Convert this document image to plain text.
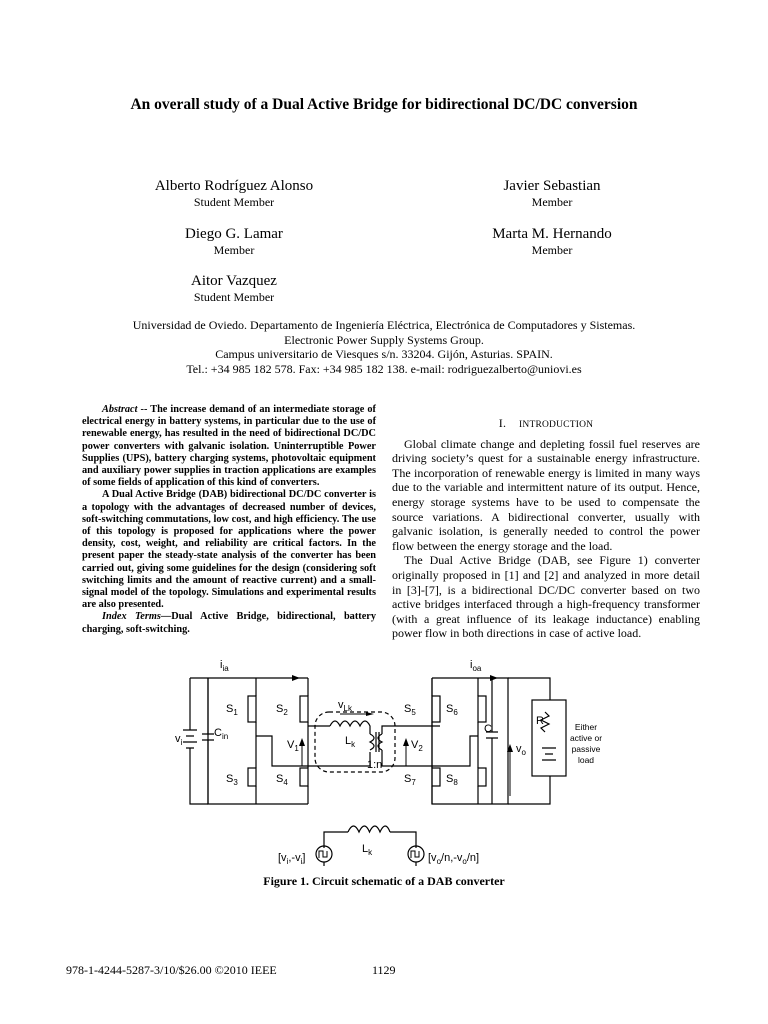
An overall study of a Dual Active Bridge for bidirectional DC/DC conversion
Alberto Rodríguez Alonso
Student Member
Javier Sebastian
Member
Diego G. Lamar
Member
Marta M. Hernando
Member
Aitor Vazquez
Student Member
Universidad de Oviedo. Departamento de Ingeniería Eléctrica, Electrónica de Computadores y Sistemas.
Electronic Power Supply Systems Group.
Campus universitario de Viesques s/n. 33204. Gijón, Asturias. SPAIN.
Tel.: +34 985 182 578. Fax: +34 985 182 138. e-mail: rodriguezalberto@uniovi.es

Abstract -- The increase demand of an intermediate storage of electrical energy in battery systems, in particular due to the use of renewable energy, has resulted in the need of bidirectional DC/DC power converters with galvanic isolation. Uninterruptible Power Supplies (UPS), battery charging systems, photovoltaic equipment and auxiliary power supplies in traction applications are examples of some fields of application of this kind of converters.

A Dual Active Bridge (DAB) bidirectional DC/DC converter is a topology with the advantages of decreased number of devices, soft-switching commutations, low cost, and high efficiency. The use of this topology is proposed for applications where the power density, cost, weight, and reliability are critical factors. In the present paper the steady-state analysis of the converter has been carried out, giving some guidelines for the design (considering soft switching limits and the amount of reactive current) and a small-signal model of the topology. Simulations and experimental results are also presented.

Index Terms—Dual Active Bridge, bidirectional, battery charging, soft-switching.

I. INTRODUCTION

Global climate change and depleting fossil fuel reserves are driving society’s quest for a sustainable energy infrastructure. The incorporation of renewable energy is limited in many ways due to the variable and intermittent nature of its output. Hence, energy storage systems have to be used to compensate the source variations. A bidirectional converter, usually with galvanic isolation, is generally needed to control the power flow between the energy storage and the load.

The Dual Active Bridge (DAB, see Figure 1) converter originally proposed in [1] and [2] and analyzed in more detail in [3]-[7], is a bidirectional DC/DC converter based on two active bridges interfaced through a high-frequency transformer (with a great influence of its leakage inductance) enabling power flow in both directions in case of active load.

$i_{ia}$	$i_{oa}$
$v_{Lk}$
$v_i$
$C_{in}$
$V_1$	$V_2$
$L_k$
1:n
C
$v_o$
R
$S_1$	$S_2$
$S_3$	$S_4$
$S_5$	$S_6$
$S_7$	$S_8$
$L_k$
$[v_i,-v_i]$	$[v_o/n,-v_o/n]$
Either
active or
passive
load
Figure 1. Circuit schematic of a DAB converter
978-1-4244-5287-3/10/$26.00 ©2010 IEEE	1129
